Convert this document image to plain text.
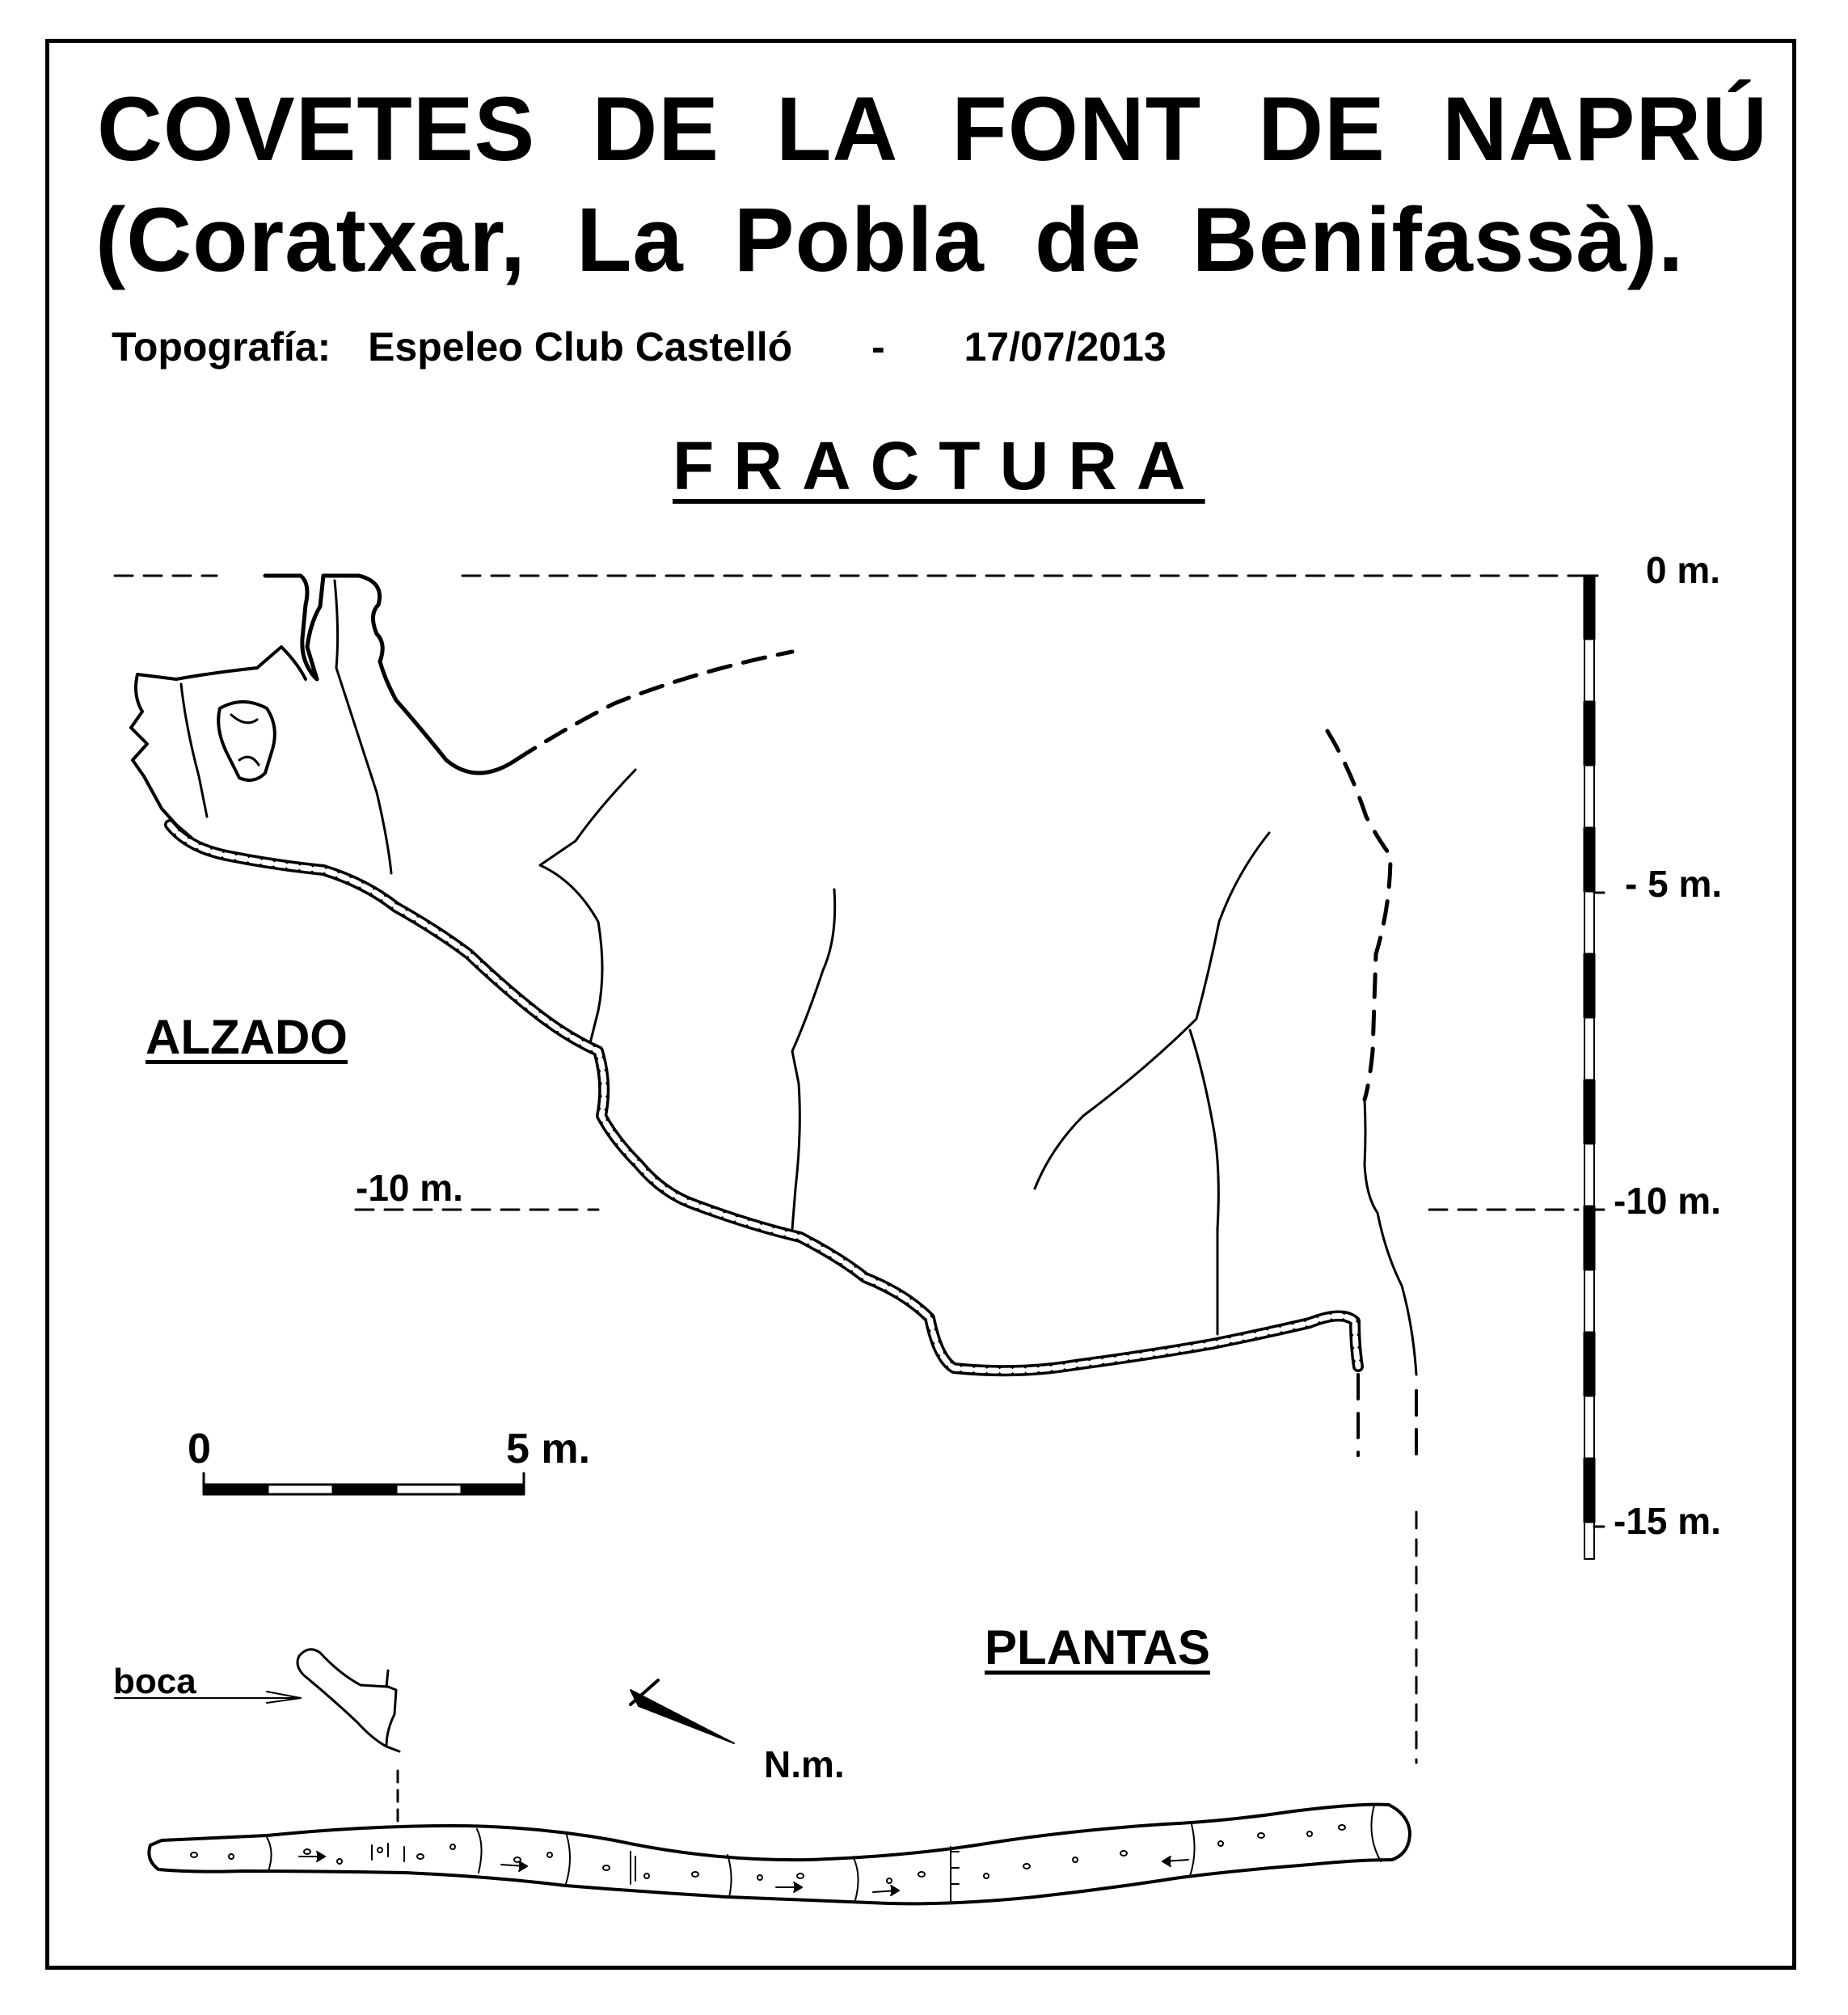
COVETES DE LA FONT DE NAPRÚ
(Coratxar, La Pobla de Benifassà).
Topografía: Espeleo Club Castelló - 17/07/2013
FRACTURA
ALZADO
PLANTAS
0 m.
- 5 m.
-10 m.
-15 m.
-10 m.
0	5 m.
boca
N.m.
